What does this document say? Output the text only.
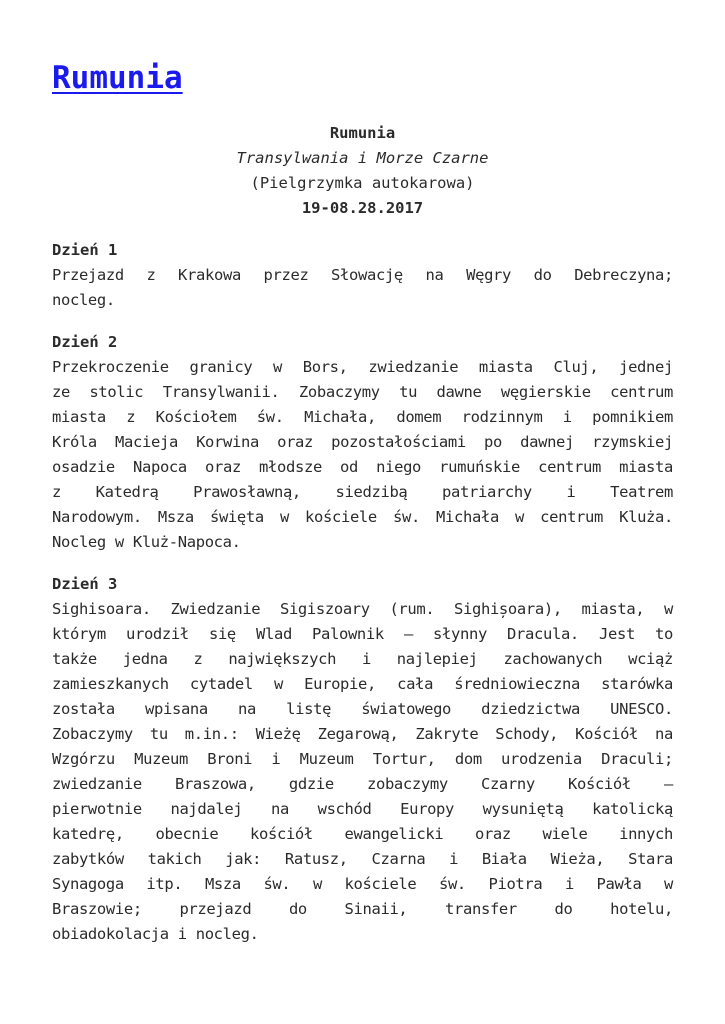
Rumunia
Rumunia
Transylwania i Morze Czarne
(Pielgrzymka autokarowa)
19-08.28.2017
Dzień 1
Przejazd z Krakowa przez Słowację na Węgry do Debreczyna;
nocleg.
Dzień 2
Przekroczenie granicy w Bors, zwiedzanie miasta Cluj, jednej
ze stolic Transylwanii. Zobaczymy tu dawne węgierskie centrum
miasta z Kościołem św. Michała, domem rodzinnym i pomnikiem
Króla Macieja Korwina oraz pozostałościami po dawnej rzymskiej
osadzie Napoca oraz młodsze od niego rumuńskie centrum miasta
z Katedrą Prawosławną, siedzibą patriarchy i Teatrem
Narodowym. Msza święta w kościele św. Michała w centrum Kluża.
Nocleg w Kluż-Napoca.
Dzień 3
Sighisoara. Zwiedzanie Sigiszoary (rum. Sighișoara), miasta, w
którym urodził się Wlad Palownik – słynny Dracula. Jest to
także jedna z największych i najlepiej zachowanych wciąż
zamieszkanych cytadel w Europie, cała średniowieczna starówka
została wpisana na listę światowego dziedzictwa UNESCO.
Zobaczymy tu m.in.: Wieżę Zegarową, Zakryte Schody, Kościół na
Wzgórzu Muzeum Broni i Muzeum Tortur, dom urodzenia Draculi;
zwiedzanie Braszowa, gdzie zobaczymy Czarny Kościół –
pierwotnie najdalej na wschód Europy wysuniętą katolicką
katedrę, obecnie kościół ewangelicki oraz wiele innych
zabytków takich jak: Ratusz, Czarna i Biała Wieża, Stara
Synagoga itp. Msza św. w kościele św. Piotra i Pawła w
Braszowie; przejazd do Sinaii, transfer do hotelu,
obiadokolacja i nocleg.
